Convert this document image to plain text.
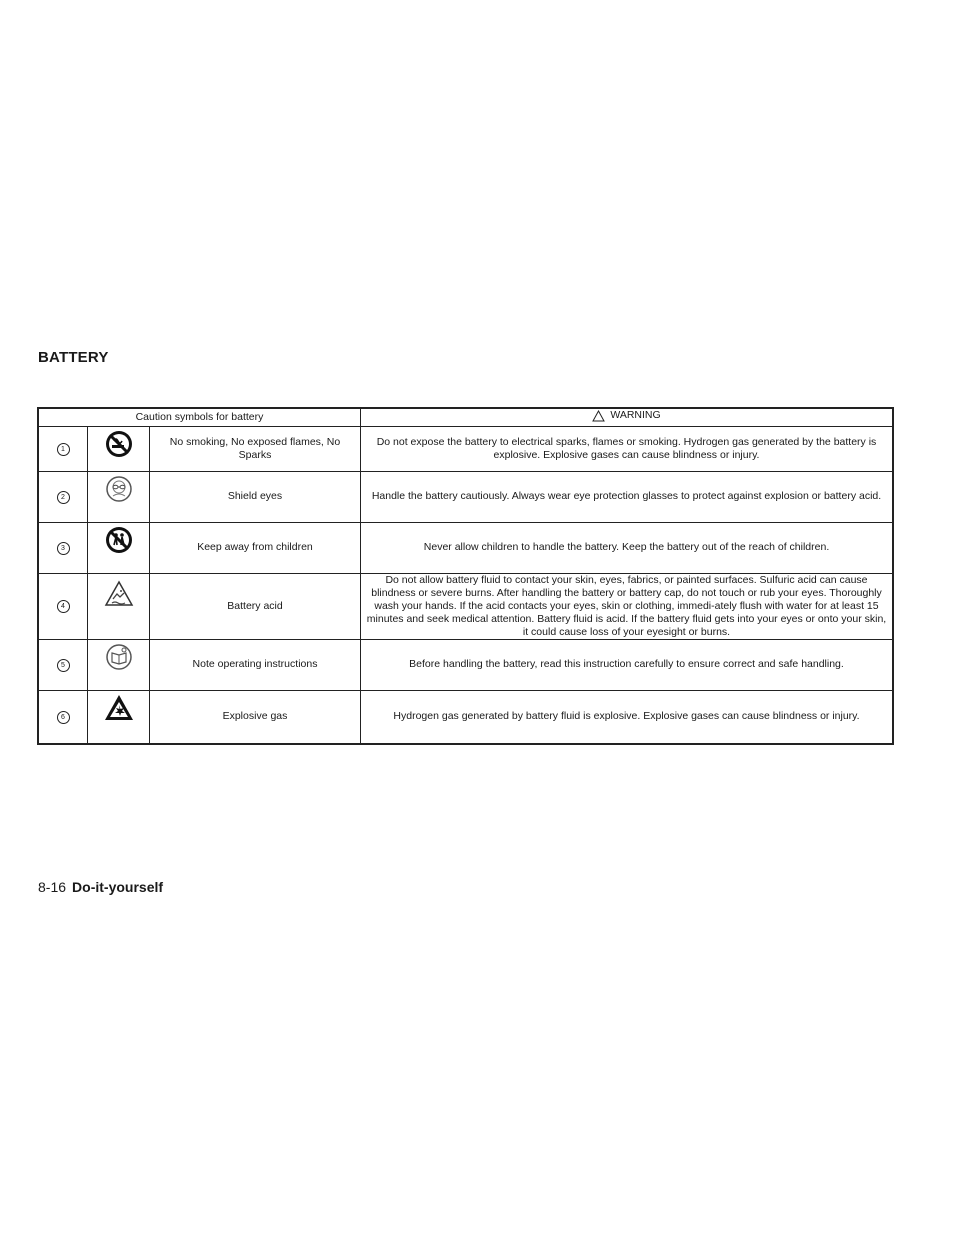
BATTERY
Caution symbols for battery			WARNING

1		No smoking, No exposed flames, No Sparks	Do not expose the battery to electrical sparks, flames or smoking. Hydrogen gas generated by the battery is explosive. Explosive gases can cause blindness or injury.
2		Shield eyes	Handle the battery cautiously. Always wear eye protection glasses to protect against explosion or battery acid.
3		Keep away from children	Never allow children to handle the battery. Keep the battery out of the reach of children.
4		Battery acid	Do not allow battery fluid to contact your skin, eyes, fabrics, or painted surfaces. Sulfuric acid can cause blindness or severe burns. After handling the battery or battery cap, do not touch or rub your eyes. Thoroughly wash your hands. If the acid contacts your eyes, skin or clothing, immedi-ately flush with water for at least 15 minutes and seek medical attention. Battery fluid is acid. If the battery fluid gets into your eyes or onto your skin, it could cause loss of your eyesight or burns.
5		Note operating instructions	Before handling the battery, read this instruction carefully to ensure correct and safe handling.
6		Explosive gas	Hydrogen gas generated by battery fluid is explosive. Explosive gases can cause blindness or injury.
8-16 Do-it-yourself
